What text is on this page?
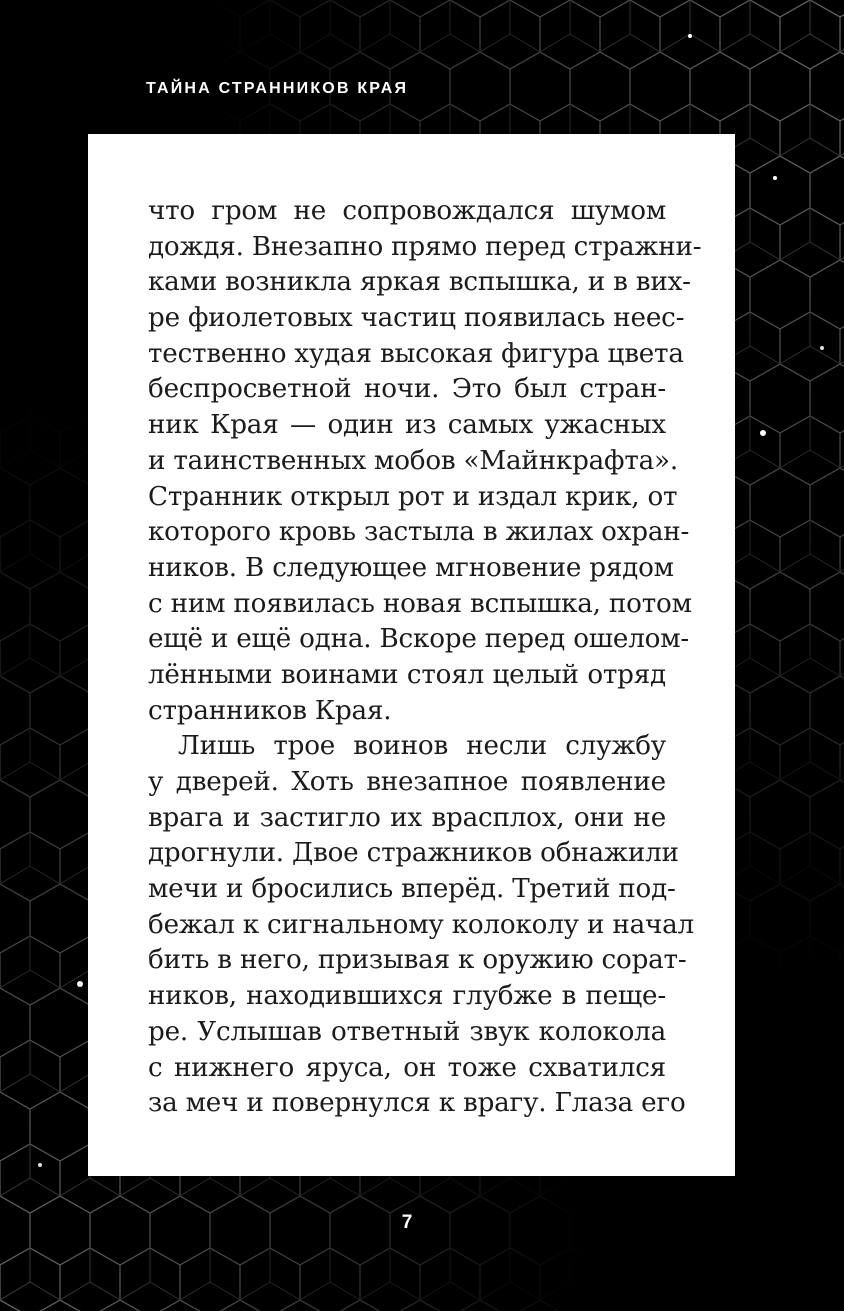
ТАЙНА СТРАННИКОВ КРАЯ
что гром не сопровождался шумом
дождя. Внезапно прямо перед стражни-
ками возникла яркая вспышка, и в вих-
ре фиолетовых частиц появилась неес-
тественно худая высокая фигура цвета
беспросветной ночи. Это был стран-
ник Края — один из самых ужасных
и таинственных мобов «Майнкрафта».
Странник открыл рот и издал крик, от
которого кровь застыла в жилах охран-
ников. В следующее мгновение рядом
с ним появилась новая вспышка, потом
ещё и ещё одна. Вскоре перед ошелом-
лёнными воинами стоял целый отряд
странников Края.
Лишь трое воинов несли службу
у дверей. Хоть внезапное появление
врага и застигло их врасплох, они не
дрогнули. Двое стражников обнажили
мечи и бросились вперёд. Третий под-
бежал к сигнальному колоколу и начал
бить в него, призывая к оружию сорат-
ников, находившихся глубже в пеще-
ре. Услышав ответный звук колокола
с нижнего яруса, он тоже схватился
за меч и повернулся к врагу. Глаза его
7
